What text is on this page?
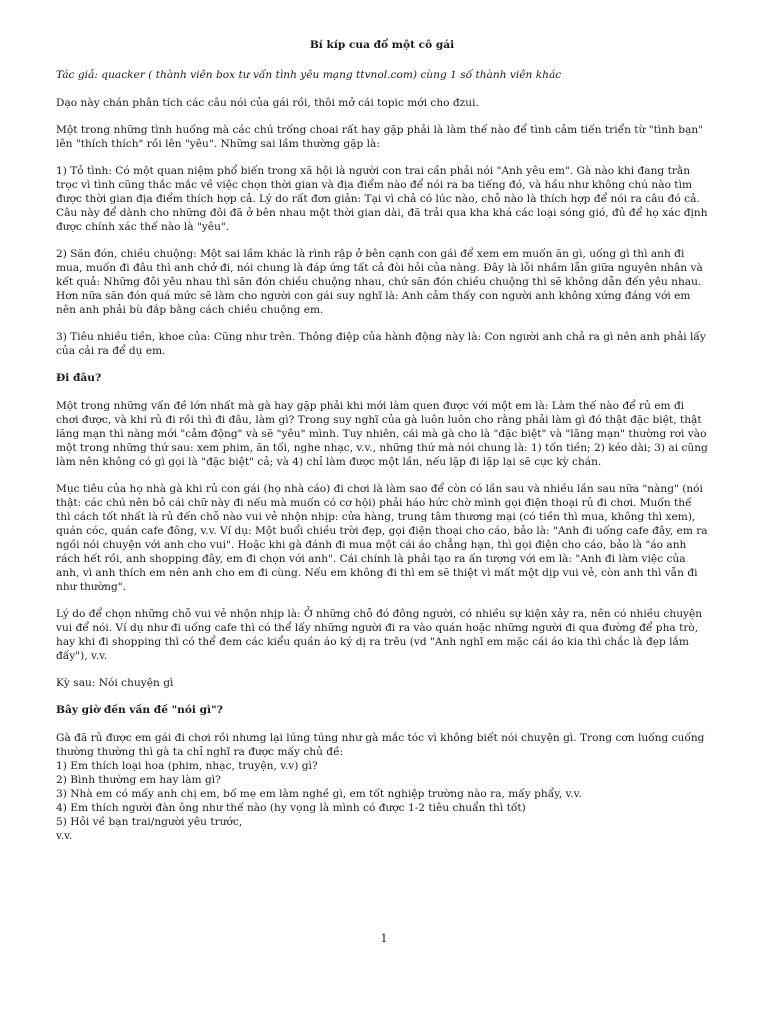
Bí kíp cua đổ một cô gái

Tác giả: quacker ( thành viên box tư vấn tình yêu mạng ttvnol.com) cùng 1 số thành viên khác

Dạo này chán phân tích các câu nói của gái rồi, thôi mở cái topic mới cho đzui.

Một trong những tình huống mà các chú trống choai rất hay gặp phải là làm thế nào để tình cảm tiến triển từ "tình bạn" lên "thích thích" rồi lên "yêu". Những sai lầm thường gặp là:

1) Tỏ tình: Có một quan niệm phổ biến trong xã hội là người con trai cần phải nói "Anh yêu em". Gà nào khi đang trằn trọc vì tình cũng thắc mắc về việc chọn thời gian và địa điểm nào để nói ra ba tiếng đó, và hầu như không chú nào tìm được thời gian địa điểm thích hợp cả. Lý do rất đơn giản: Tại vì chả có lúc nào, chỗ nào là thích hợp để nói ra câu đó cả. Câu này để dành cho những đôi đã ở bên nhau một thời gian dài, đã trải qua kha khá các loại sóng gió, đủ để họ xác định được chính xác thế nào là "yêu".

2) Săn đón, chiều chuộng: Một sai lầm khác là rình rập ở bên cạnh con gái để xem em muốn ăn gì, uống gì thì anh đi mua, muốn đi đâu thì anh chở đi, nói chung là đáp ứng tất cả đòi hỏi của nàng. Đây là lỗi nhầm lẫn giữa nguyên nhân và kết quả: Những đôi yêu nhau thì săn đón chiều chuộng nhau, chứ săn đón chiều chuộng thì sẽ không dẫn đến yêu nhau. Hơn nữa săn đón quá mức sẽ làm cho người con gái suy nghĩ là: Anh cảm thấy con người anh không xứng đáng với em nên anh phải bù đắp bằng cách chiều chuộng em.

3) Tiêu nhiều tiền, khoe của: Cũng như trên. Thông điệp của hành động này là: Con người anh chả ra gì nên anh phải lấy của cải ra để dụ em.

Đi đâu?

Một trong những vấn đề lớn nhất mà gà hay gặp phải khi mới làm quen được với một em là: Làm thế nào để rủ em đi chơi được, và khi rủ đi rồi thì đi đâu, làm gì? Trong suy nghĩ của gà luôn luôn cho rằng phải làm gì đó thật đặc biệt, thật lãng mạn thì nàng mới "cảm động" và sẽ "yêu" mình. Tuy nhiên, cái mà gà cho là "đặc biệt" và "lãng mạn" thường rơi vào một trong những thứ sau: xem phim, ăn tối, nghe nhạc, v.v., những thứ mà nói chung là: 1) tốn tiền; 2) kéo dài; 3) ai cũng làm nên không có gì gọi là "đặc biệt" cả; và 4) chỉ làm được một lần, nếu lặp đi lặp lại sẽ cực kỳ chán.

Mục tiêu của họ nhà gà khi rủ con gái (họ nhà cáo) đi chơi là làm sao để còn có lần sau và nhiều lần sau nữa "nàng" (nói thật: các chú nên bỏ cái chữ này đi nếu mà muốn có cơ hội) phải háo hức chờ mình gọi điện thoại rủ đi chơi. Muốn thế thì cách tốt nhất là rủ đến chỗ nào vui vẻ nhộn nhịp: cửa hàng, trung tâm thương mại (có tiền thì mua, không thì xem), quán cóc, quán cafe đông, v.v. Ví dụ: Một buổi chiều trời đẹp, gọi điện thoại cho cáo, bảo là: "Anh đi uống cafe đây, em ra ngồi nói chuyện với anh cho vui". Hoặc khi gà đánh đi mua một cái áo chẳng hạn, thì gọi điện cho cáo, bảo là "áo anh rách hết rồi, anh shopping đây, em đi chọn với anh". Cái chính là phải tạo ra ấn tượng với em là: "Anh đi làm việc của anh, vì anh thích em nên anh cho em đi cùng. Nếu em không đi thì em sẽ thiệt vì mất một dịp vui vẻ, còn anh thì vẫn đi như thường".

Lý do để chọn những chỗ vui vẻ nhộn nhịp là: Ở những chỗ đó đông người, có nhiều sự kiện xảy ra, nên có nhiều chuyện vui để nói. Ví dụ như đi uống cafe thì có thể lấy những người đi ra vào quán hoặc những người đi qua đường để pha trò, hay khi đi shopping thì có thể đem các kiểu quần áo ký dị ra trêu (vd "Anh nghĩ em mặc cái áo kia thì chắc là đẹp lắm đấy"), v.v.

Kỳ sau: Nói chuyện gì

Bây giờ đến vấn đề "nói gì"?

Gà đã rủ được em gái đi chơi rồi nhưng lại lúng túng như gà mắc tóc vì không biết nói chuyện gì. Trong cơn luống cuống thường thường thì gà ta chỉ nghĩ ra được mấy chủ đề:

1) Em thích loại hoa (phim, nhạc, truyện, v.v) gì?

2) Bình thường em hay làm gì?

3) Nhà em có mấy anh chị em, bố mẹ em làm nghề gì, em tốt nghiệp trường nào ra, mấy phẩy, v.v.

4) Em thích người đàn ông như thế nào (hy vọng là mình có được 1-2 tiêu chuẩn thì tốt)

5) Hỏi về bạn trai/người yêu trước,

v.v.

1
